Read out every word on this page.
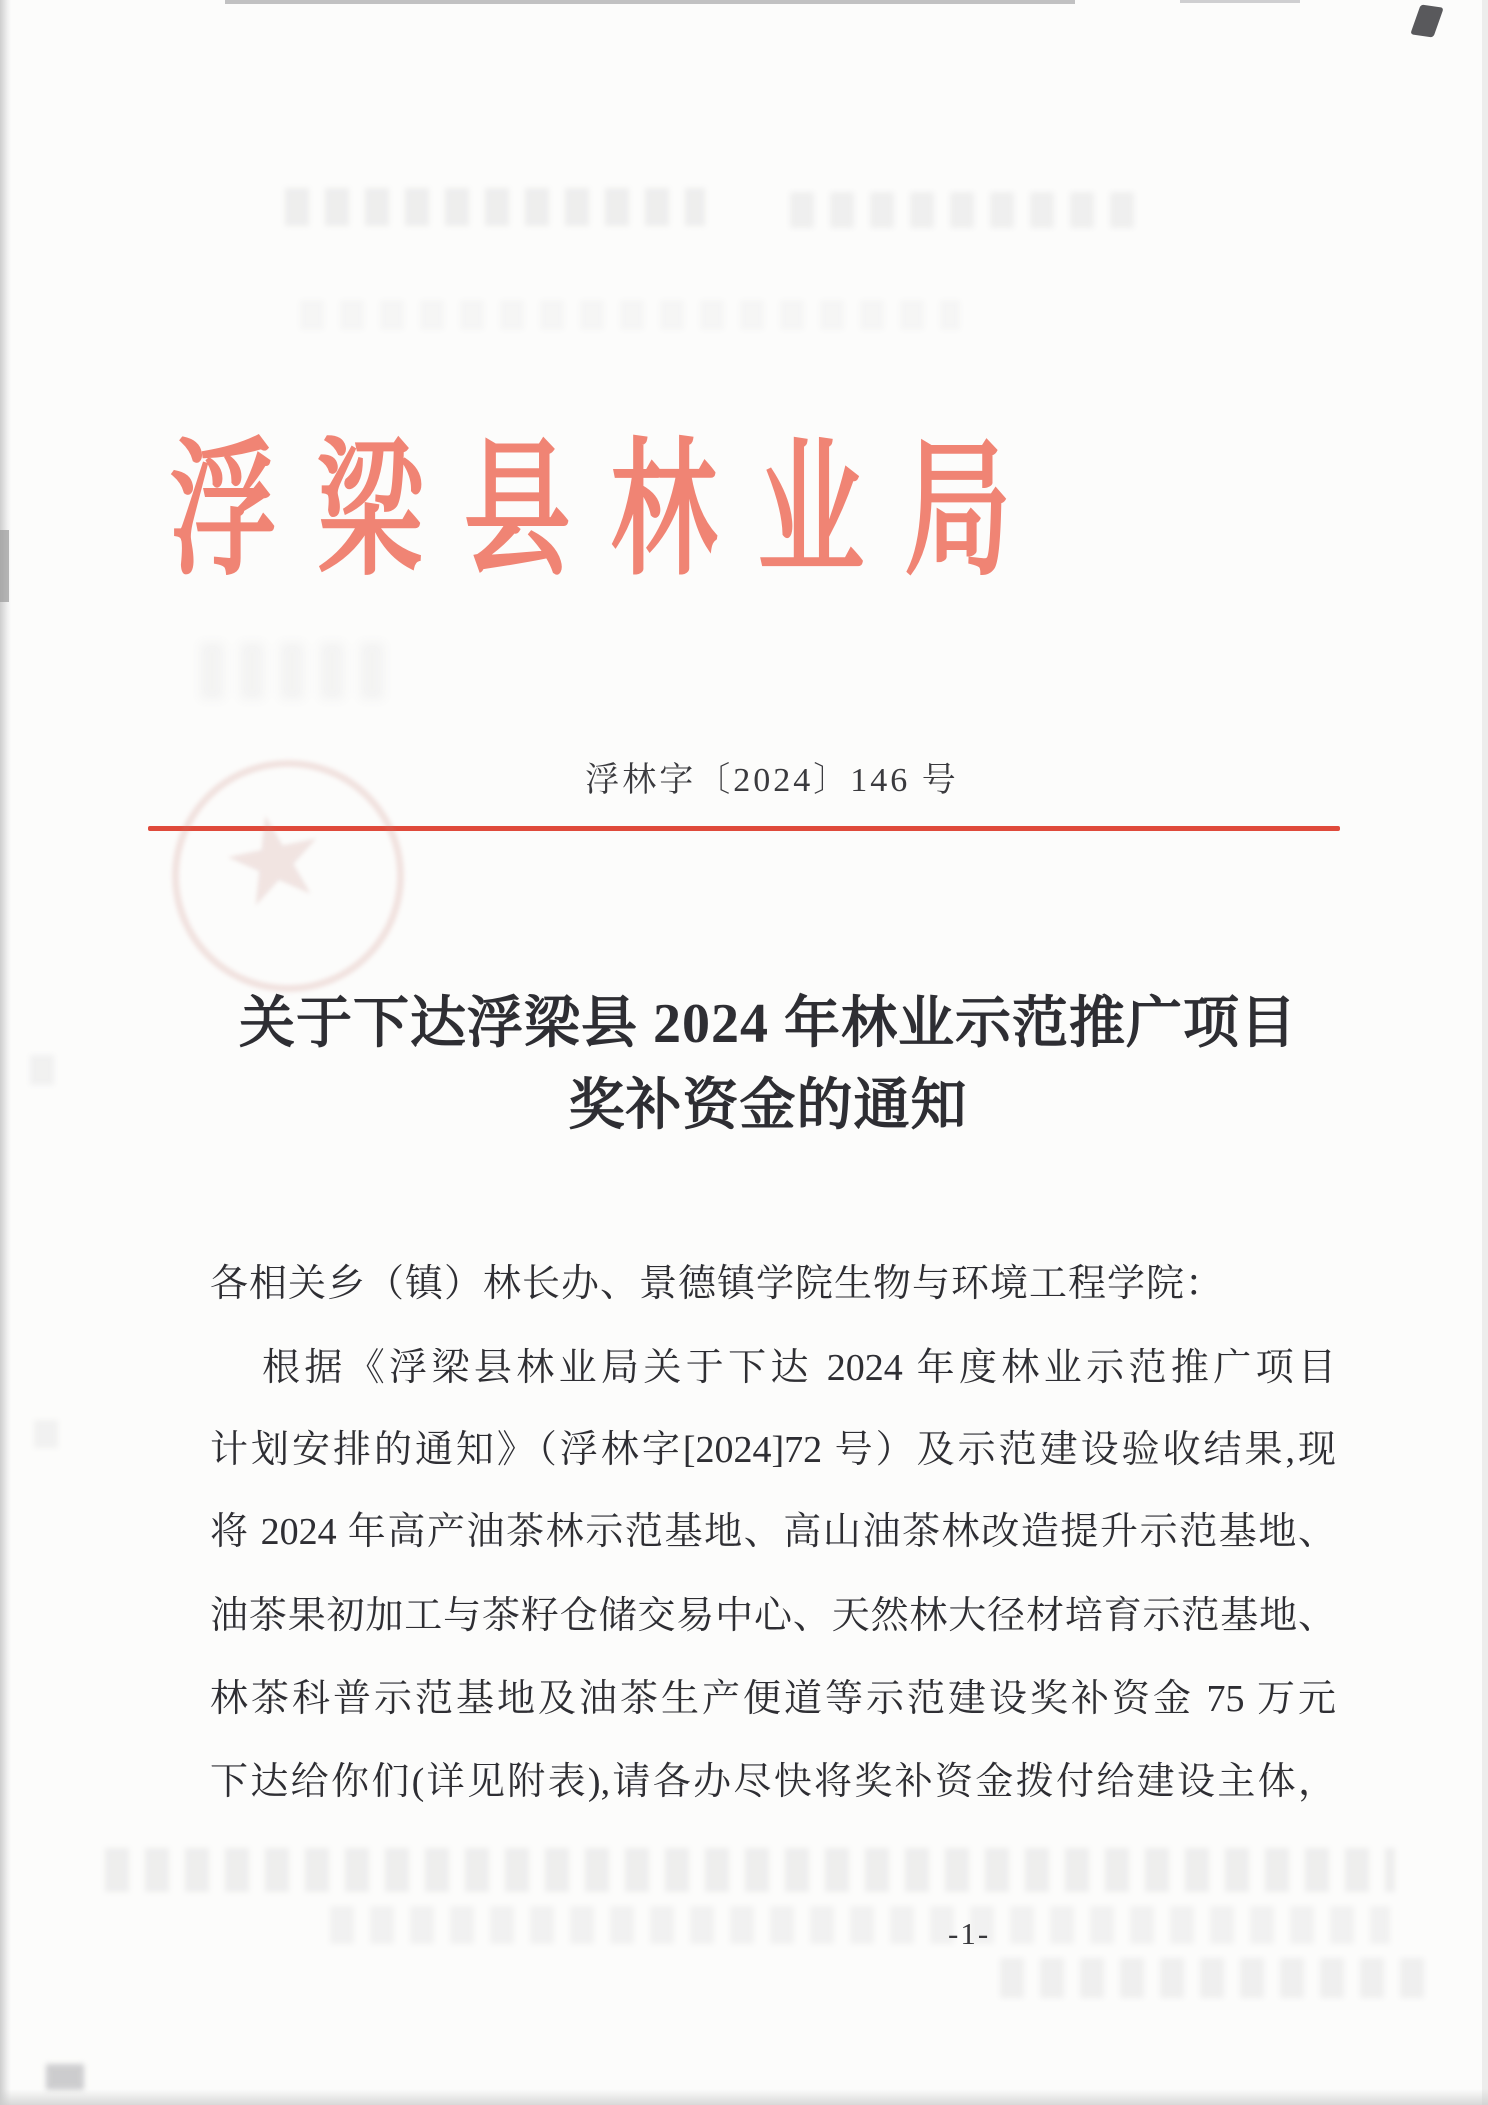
浮梁县林业局
浮林字〔2024〕146 号
★
关于下达浮梁县 2024 年林业示范推广项目
奖补资金的通知
各相关乡（镇）林长办、景德镇学院生物与环境工程学院：
根据《浮梁县林业局关于下达 2024 年度林业示范推广项目
计划安排的通知》（浮林字[2024]72 号）及示范建设验收结果,现
将 2024 年高产油茶林示范基地、高山油茶林改造提升示范基地、
油茶果初加工与茶籽仓储交易中心、天然林大径材培育示范基地、
林茶科普示范基地及油茶生产便道等示范建设奖补资金 75 万元
下达给你们(详见附表),请各办尽快将奖补资金拨付给建设主体，
-1-
